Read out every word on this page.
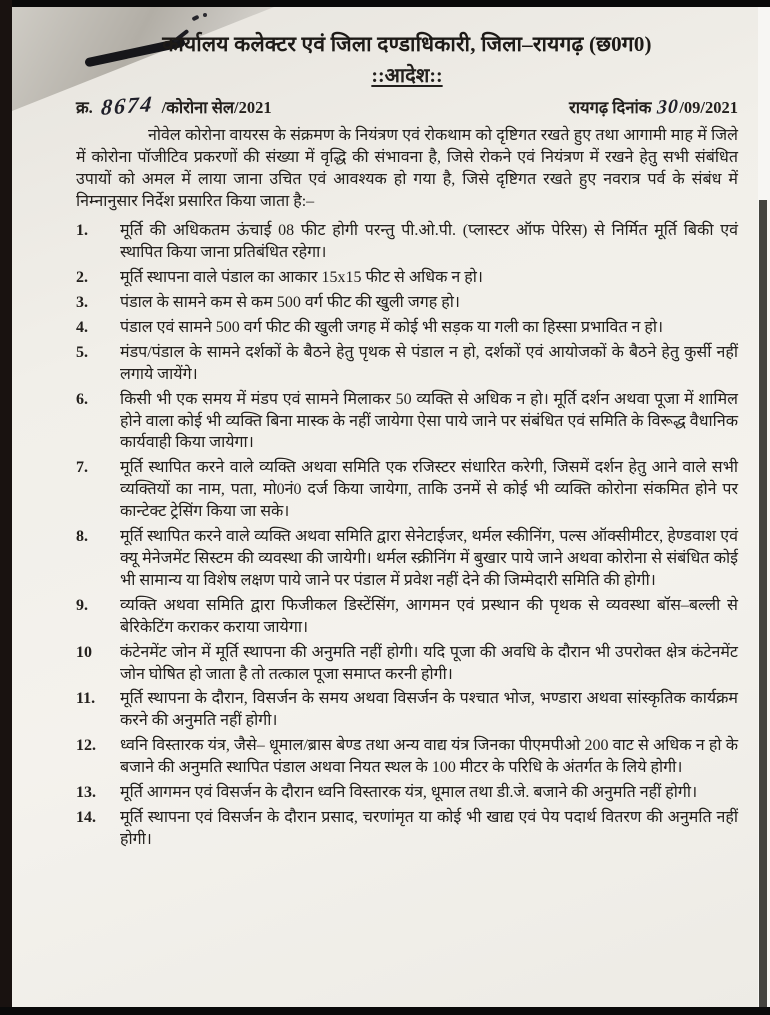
कार्यालय कलेक्टर एवं जिला दण्डाधिकारी, जिला–रायगढ़ (छ0ग0)
::आदेश::
क्र. 8674 /कोरोना सेल/2021	रायगढ़ दिनांक 30/09/2021
नोवेल कोरोना वायरस के संक्रमण के नियंत्रण एवं रोकथाम को दृष्टिगत रखते हुए तथा आगामी माह में जिले में कोरोना पॉजीटिव प्रकरणों की संख्या में वृद्धि की संभावना है, जिसे रोकने एवं नियंत्रण में रखने हेतु सभी संबंधित उपायों को अमल में लाया जाना उचित एवं आवश्यक हो गया है, जिसे दृष्टिगत रखते हुए नवरात्र पर्व के संबंध में निम्नानुसार निर्देश प्रसारित किया जाता है:–
1.	मूर्ति की अधिकतम ऊंचाई 08 फीट होगी परन्तु पी.ओ.पी. (प्लास्टर ऑफ पेरिस) से निर्मित मूर्ति बिकी एवं स्थापित किया जाना प्रतिबंधित रहेगा।
2.	मूर्ति स्थापना वाले पंडाल का आकार 15x15 फीट से अधिक न हो।
3.	पंडाल के सामने कम से कम 500 वर्ग फीट की खुली जगह हो।
4.	पंडाल एवं सामने 500 वर्ग फीट की खुली जगह में कोई भी सड़क या गली का हिस्सा प्रभावित न हो।
5.	मंडप/पंडाल के सामने दर्शकों के बैठने हेतु पृथक से पंडाल न हो, दर्शकों एवं आयोजकों के बैठने हेतु कुर्सी नहीं लगाये जायेंगे।
6.	किसी भी एक समय में मंडप एवं सामने मिलाकर 50 व्यक्ति से अधिक न हो। मूर्ति दर्शन अथवा पूजा में शामिल होने वाला कोई भी व्यक्ति बिना मास्क के नहीं जायेगा ऐसा पाये जाने पर संबंधित एवं समिति के विरूद्ध वैधानिक कार्यवाही किया जायेगा।
7.	मूर्ति स्थापित करने वाले व्यक्ति अथवा समिति एक रजिस्टर संधारित करेगी, जिसमें दर्शन हेतु आने वाले सभी व्यक्तियों का नाम, पता, मो0नं0 दर्ज किया जायेगा, ताकि उनमें से कोई भी व्यक्ति कोरोना संकमित होने पर कान्टेक्ट ट्रेसिंग किया जा सके।
8.	मूर्ति स्थापित करने वाले व्यक्ति अथवा समिति द्वारा सेनेटाईजर, थर्मल स्कीनिंग, पल्स ऑक्सीमीटर, हेण्डवाश एवं क्यू मेनेजमेंट सिस्टम की व्यवस्था की जायेगी। थर्मल स्क्रीनिंग में बुखार पाये जाने अथवा कोरोना से संबंधित कोई भी सामान्य या विशेष लक्षण पाये जाने पर पंडाल में प्रवेश नहीं देने की जिम्मेदारी समिति की होगी।
9.	व्यक्ति अथवा समिति द्वारा फिजीकल डिस्टेंसिंग, आगमन एवं प्रस्थान की पृथक से व्यवस्था बॉस–बल्ली से बेरिकेटिंग कराकर कराया जायेगा।
10	कंटेनमेंट जोन में मूर्ति स्थापना की अनुमति नहीं होगी। यदि पूजा की अवधि के दौरान भी उपरोक्त क्षेत्र कंटेनमेंट जोन घोषित हो जाता है तो तत्काल पूजा समाप्त करनी होगी।
11.	मूर्ति स्थापना के दौरान, विसर्जन के समय अथवा विसर्जन के पश्चात भोज, भण्डारा अथवा सांस्कृतिक कार्यक्रम करने की अनुमति नहीं होगी।
12.	ध्वनि विस्तारक यंत्र, जैसे– धूमाल/ब्रास बेण्ड तथा अन्य वाद्य यंत्र जिनका पीएमपीओ 200 वाट से अधिक न हो के बजाने की अनुमति स्थापित पंडाल अथवा नियत स्थल के 100 मीटर के परिधि के अंतर्गत के लिये होगी।
13.	मूर्ति आगमन एवं विसर्जन के दौरान ध्वनि विस्तारक यंत्र, धूमाल तथा डी.जे. बजाने की अनुमति नहीं होगी।
14.	मूर्ति स्थापना एवं विसर्जन के दौरान प्रसाद, चरणांमृत या कोई भी खाद्य एवं पेय पदार्थ वितरण की अनुमति नहीं होगी।
